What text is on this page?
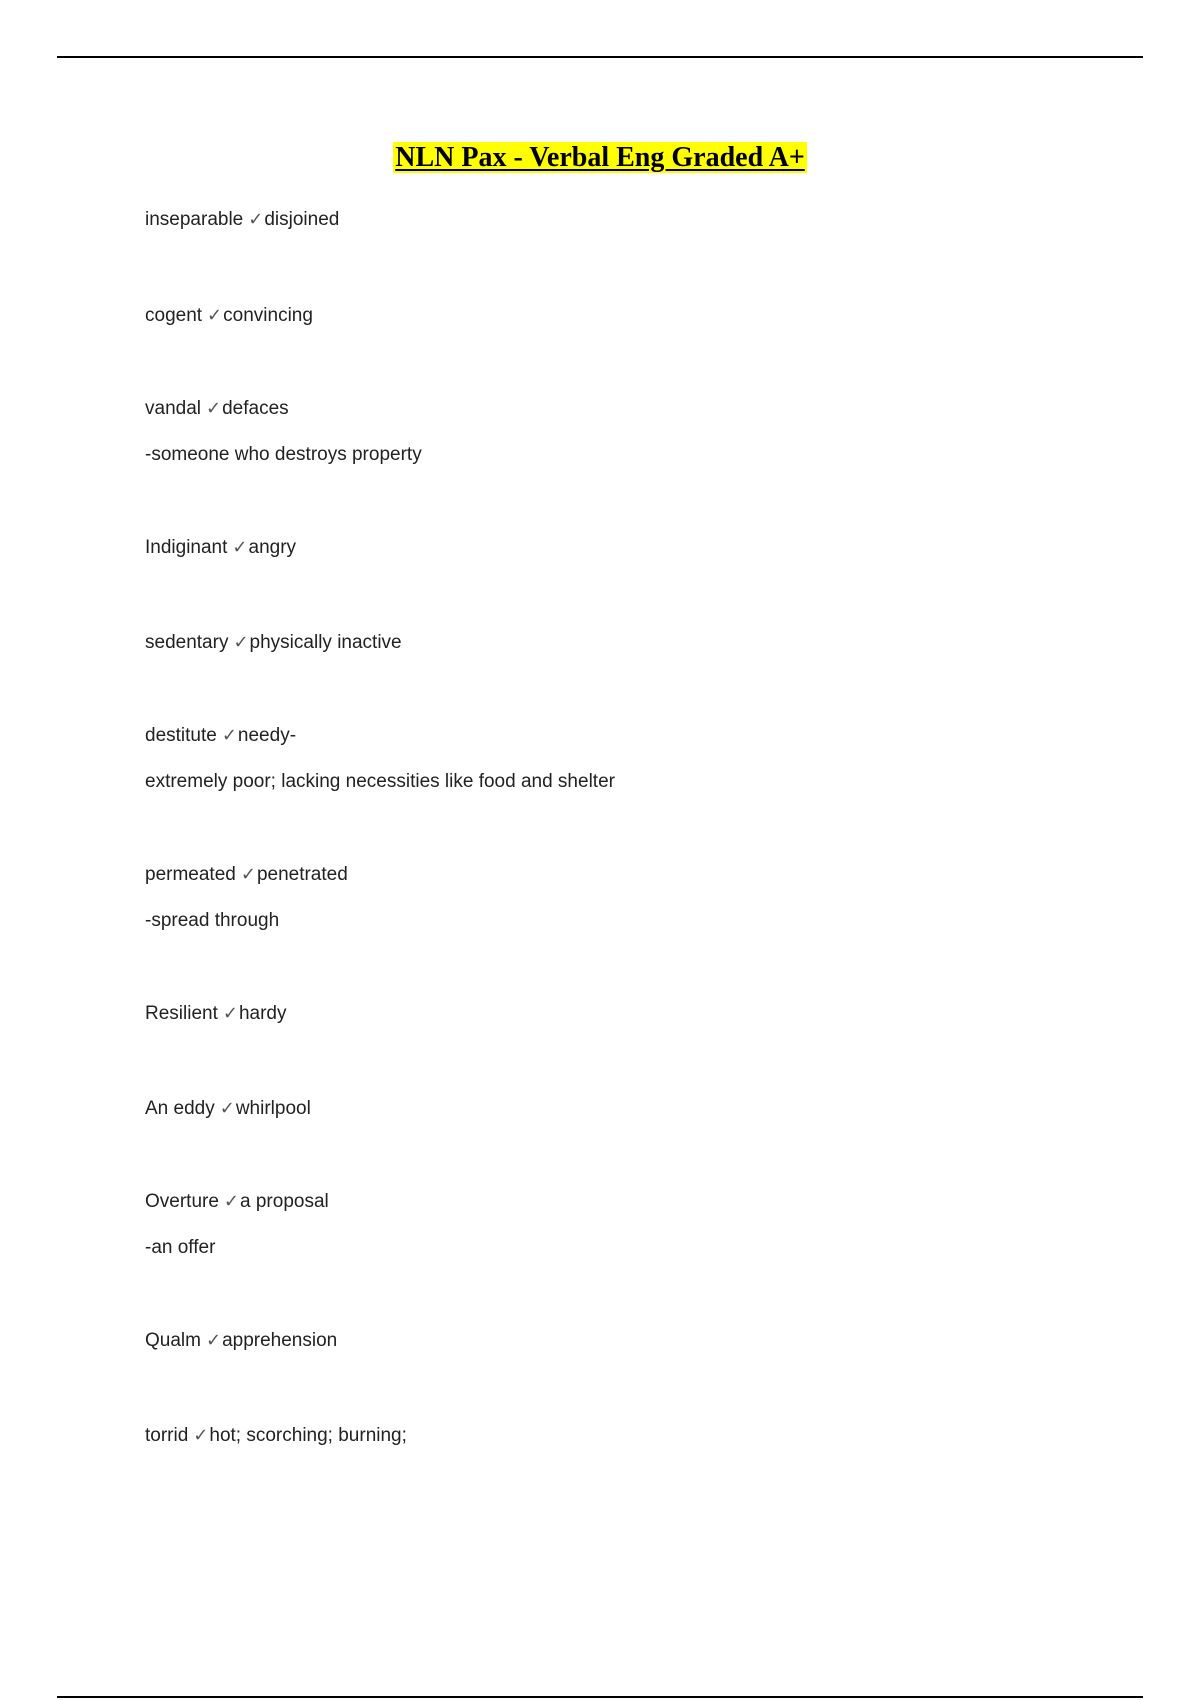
NLN Pax - Verbal Eng Graded A+
inseparable ✓disjoined
cogent ✓convincing
vandal ✓defaces
-someone who destroys property
Indiginant ✓angry
sedentary ✓physically inactive
destitute ✓needy-
extremely poor; lacking necessities like food and shelter
permeated ✓penetrated
-spread through
Resilient ✓hardy
An eddy ✓whirlpool
Overture ✓a proposal
-an offer
Qualm ✓apprehension
torrid ✓hot; scorching; burning;
